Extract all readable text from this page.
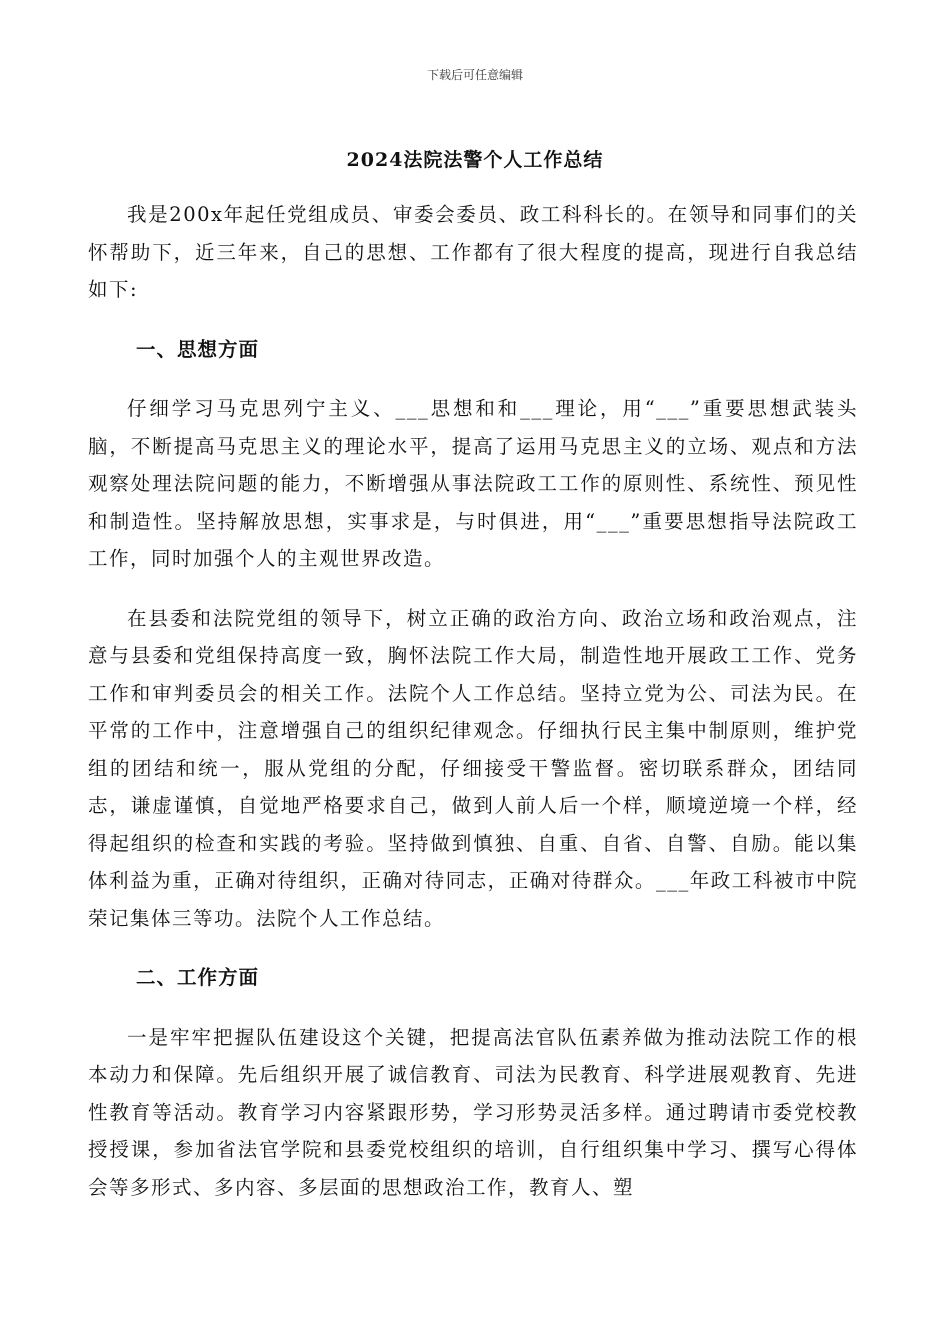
下载后可任意编辑
2024法院法警个人工作总结

我是200x年起任党组成员、审委会委员、政工科科长的。在领导和同事们的关怀帮助下，近三年来，自己的思想、工作都有了很大程度的提高，现进行自我总结如下:

一、思想方面

仔细学习马克思列宁主义、___思想和和___理论，用“___”重要思想武装头脑，不断提高马克思主义的理论水平，提高了运用马克思主义的立场、观点和方法观察处理法院问题的能力，不断增强从事法院政工工作的原则性、系统性、预见性和制造性。坚持解放思想，实事求是，与时俱进，用“___”重要思想指导法院政工工作，同时加强个人的主观世界改造。

在县委和法院党组的领导下，树立正确的政治方向、政治立场和政治观点，注意与县委和党组保持高度一致，胸怀法院工作大局，制造性地开展政工工作、党务工作和审判委员会的相关工作。法院个人工作总结。坚持立党为公、司法为民。在平常的工作中，注意增强自己的组织纪律观念。仔细执行民主集中制原则，维护党组的团结和统一，服从党组的分配，仔细接受干警监督。密切联系群众，团结同志，谦虚谨慎，自觉地严格要求自己，做到人前人后一个样，顺境逆境一个样，经得起组织的检查和实践的考验。坚持做到慎独、自重、自省、自警、自励。能以集体利益为重，正确对待组织，正确对待同志，正确对待群众。___年政工科被市中院荣记集体三等功。法院个人工作总结。

二、工作方面

一是牢牢把握队伍建设这个关键，把提高法官队伍素养做为推动法院工作的根本动力和保障。先后组织开展了诚信教育、司法为民教育、科学进展观教育、先进性教育等活动。教育学习内容紧跟形势，学习形势灵活多样。通过聘请市委党校教授授课，参加省法官学院和县委党校组织的培训，自行组织集中学习、撰写心得体会等多形式、多内容、多层面的思想政治工作，教育人、塑
